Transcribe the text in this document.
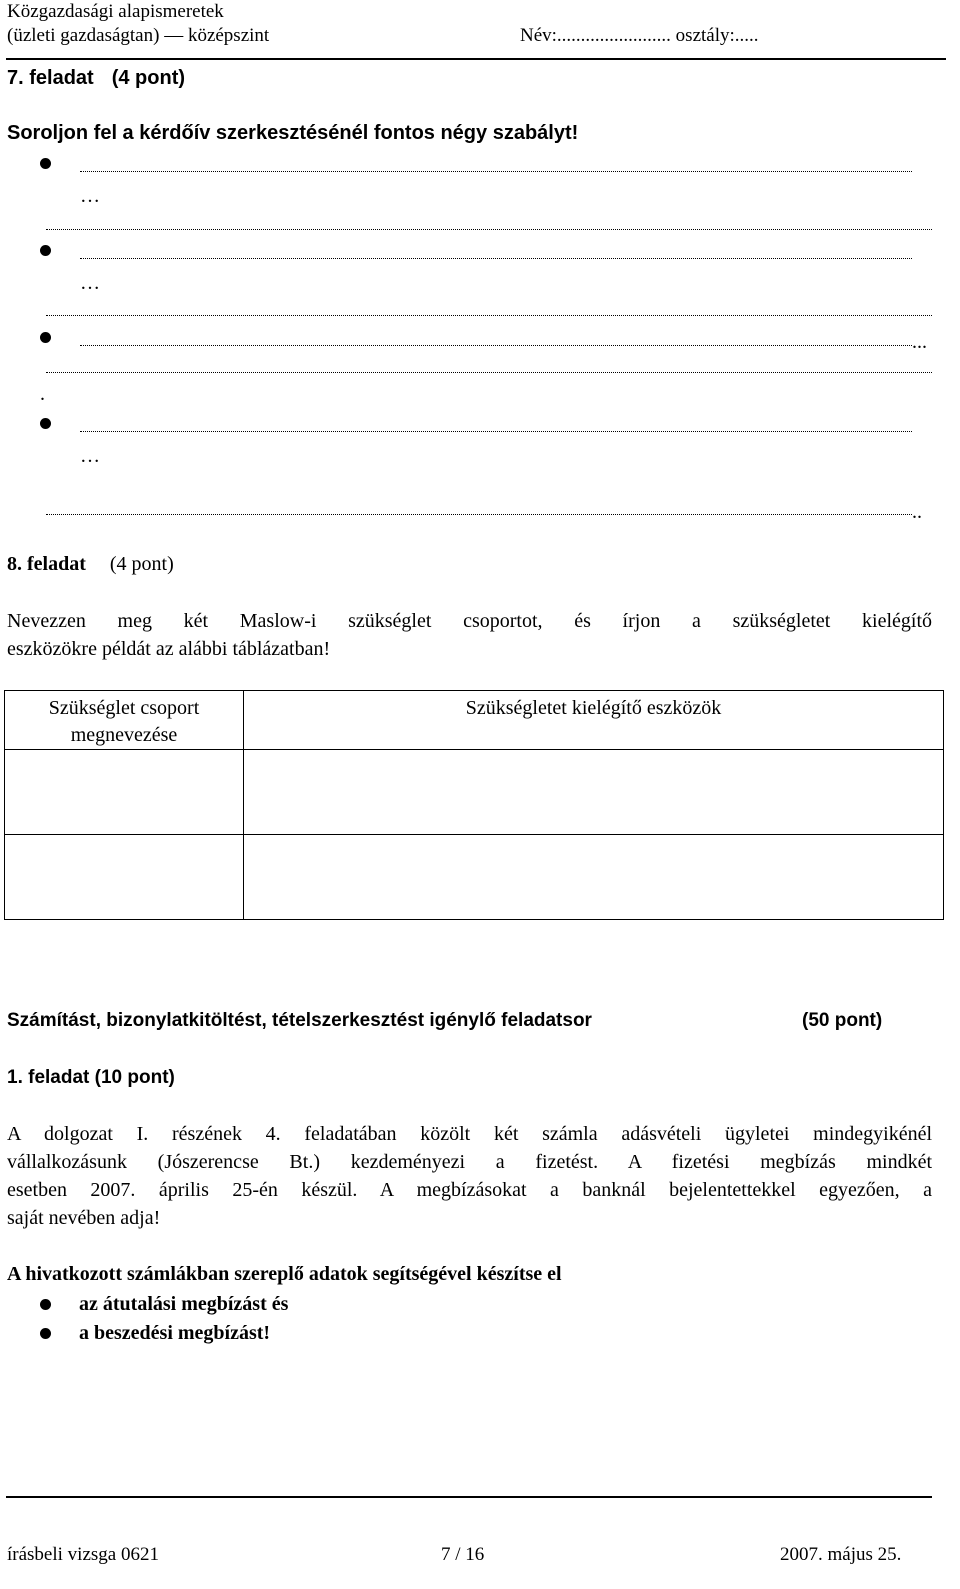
Közgazdasági alapismeretek
(üzleti gazdaságtan) — középszint	Név:........................ osztály:.....
7. feladat (4 pont)
Soroljon fel a kérdőív szerkesztésénél fontos négy szabályt!
…
…
...
.
…
..
8. feladat (4 pont)
Nevezzen meg két Maslow-i szükséglet csoportot, és írjon a szükségletet kielégítő
eszközökre példát az alábbi táblázatban!
Szükséglet csoport
megnevezése	Szükségletet kielégítő eszközök

Számítást, bizonylatkitöltést, tételszerkesztést igénylő feladatsor	(50 pont)
1. feladat (10 pont)
A dolgozat I. részének 4. feladatában közölt két számla adásvételi ügyletei mindegyikénél
vállalkozásunk (Jószerencse Bt.) kezdeményezi a fizetést. A fizetési megbízás mindkét
esetben 2007. április 25-én készül. A megbízásokat a banknál bejelentettekkel egyezően, a
saját nevében adja!
A hivatkozott számlákban szereplő adatok segítségével készítse el
az átutalási megbízást és
a beszedési megbízást!
írásbeli vizsga 0621	7 / 16	2007. május 25.
